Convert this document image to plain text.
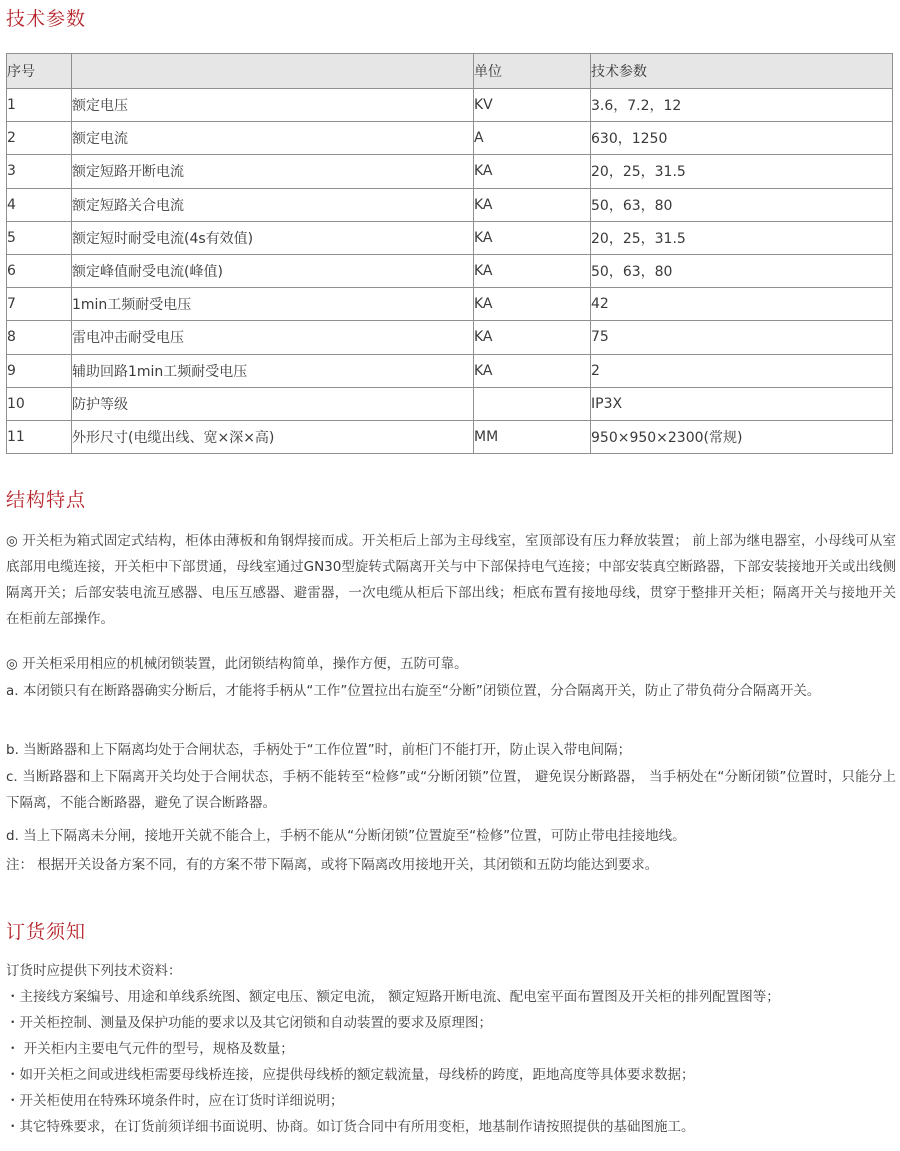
技术参数
序号		单位	技术参数
1	额定电压	KV	3.6，7.2，12
2	额定电流	A	630，1250
3	额定短路开断电流	KA	20，25，31.5
4	额定短路关合电流	KA	50，63，80
5	额定短时耐受电流(4s有效值)	KA	20，25，31.5
6	额定峰值耐受电流(峰值)	KA	50，63，80
7	1min工频耐受电压	KA	42
8	雷电冲击耐受电压	KA	75
9	辅助回路1min工频耐受电压	KA	2
10	防护等级		IP3X
11	外形尺寸(电缆出线、宽×深×高)	MM	950×950×2300(常规)
结构特点

◎ 开关柜为箱式固定式结构，柜体由薄板和角钢焊接而成。开关柜后上部为主母线室，室顶部设有压力释放装置； 前上部为继电器室，小母线可从室底部用电缆连接，开关柜中下部贯通，母线室通过GN30型旋转式隔离开关与中下部保持电气连接；中部安装真空断路器，下部安装接地开关或出线侧隔离开关；后部安装电流互感器、电压互感器、避雷器，一次电缆从柜后下部出线；柜底布置有接地母线，贯穿于整排开关柜；隔离开关与接地开关在柜前左部操作。

◎ 开关柜采用相应的机械闭锁装置，此闭锁结构简单，操作方便，五防可靠。

a. 本闭锁只有在断路器确实分断后，才能将手柄从“工作”位置拉出右旋至“分断”闭锁位置，分合隔离开关，防止了带负荷分合隔离开关。

b. 当断路器和上下隔离均处于合闸状态，手柄处于“工作位置”时，前柜门不能打开，防止误入带电间隔；

c. 当断路器和上下隔离开关均处于合闸状态，手柄不能转至“检修”或“分断闭锁”位置， 避免误分断路器， 当手柄处在“分断闭锁”位置时，只能分上下隔离，不能合断路器，避免了误合断路器。

d. 当上下隔离未分闸，接地开关就不能合上，手柄不能从“分断闭锁”位置旋至“检修”位置，可防止带电挂接地线。

注： 根据开关设备方案不同，有的方案不带下隔离，或将下隔离改用接地开关，其闭锁和五防均能达到要求。

订货须知
订货时应提供下列技术资料：
・主接线方案编号、用途和单线系统图、额定电压、额定电流， 额定短路开断电流、配电室平面布置图及开关柜的排列配置图等；
・开关柜控制、测量及保护功能的要求以及其它闭锁和自动装置的要求及原理图；
・ 开关柜内主要电气元件的型号，规格及数量；
・如开关柜之间或进线柜需要母线桥连接，应提供母线桥的额定载流量，母线桥的跨度，距地高度等具体要求数据；
・开关柜使用在特殊环境条件时，应在订货时详细说明；
・其它特殊要求，在订货前须详细书面说明、协商。如订货合同中有所用变柜，地基制作请按照提供的基础图施工。
